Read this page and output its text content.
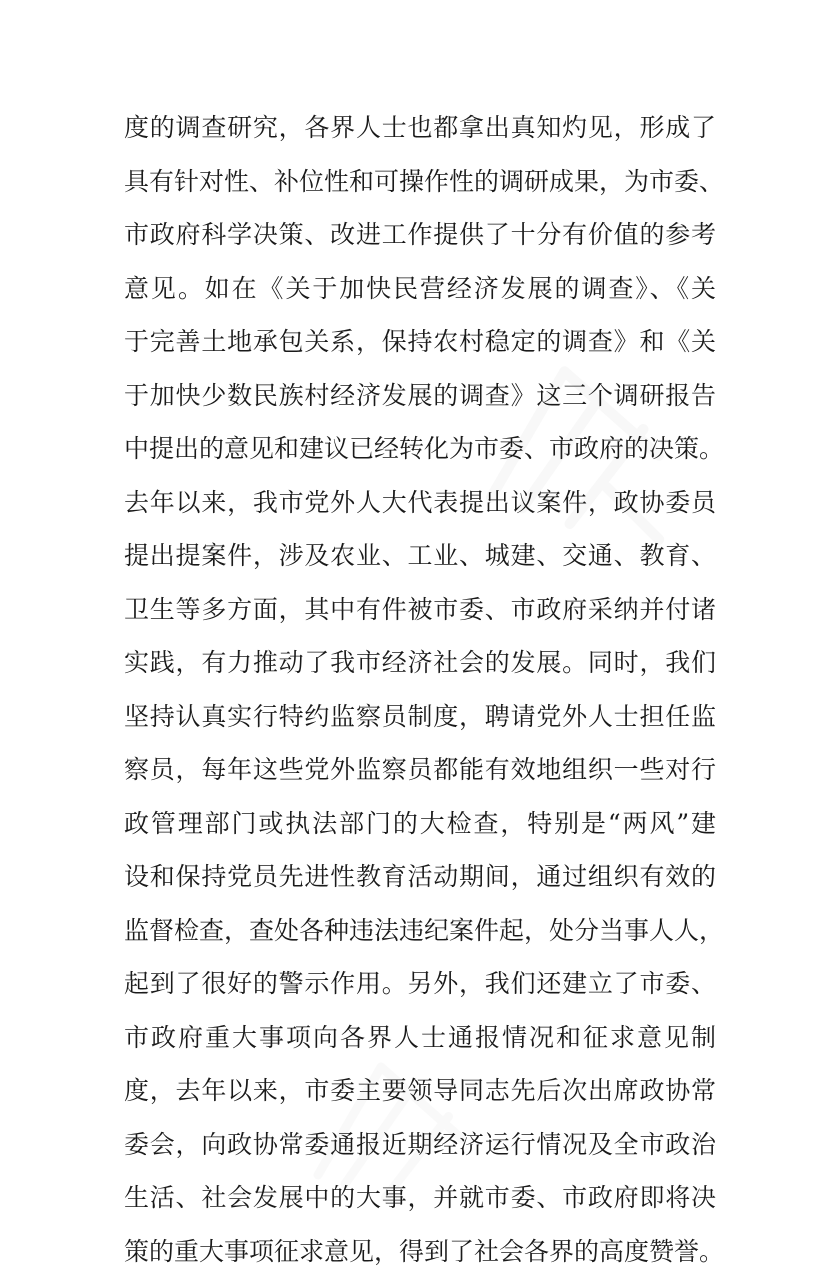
度的调查研究，各界人士也都拿出真知灼见，形成了
具有针对性、补位性和可操作性的调研成果，为市委、
市政府科学决策、改进工作提供了十分有价值的参考
意见。如在《关于加快民营经济发展的调查》、《关
于完善土地承包关系，保持农村稳定的调查》和《关
于加快少数民族村经济发展的调查》这三个调研报告
中提出的意见和建议已经转化为市委、市政府的决策。
去年以来，我市党外人大代表提出议案件，政协委员
提出提案件，涉及农业、工业、城建、交通、教育、
卫生等多方面，其中有件被市委、市政府采纳并付诸
实践，有力推动了我市经济社会的发展。同时，我们
坚持认真实行特约监察员制度，聘请党外人士担任监
察员，每年这些党外监察员都能有效地组织一些对行
政管理部门或执法部门的大检查，特别是“两风”建
设和保持党员先进性教育活动期间，通过组织有效的
监督检查，查处各种违法违纪案件起，处分当事人人，
起到了很好的警示作用。另外，我们还建立了市委、
市政府重大事项向各界人士通报情况和征求意见制
度，去年以来，市委主要领导同志先后次出席政协常
委会，向政协常委通报近期经济运行情况及全市政治
生活、社会发展中的大事，并就市委、市政府即将决
策的重大事项征求意见，得到了社会各界的高度赞誉。
